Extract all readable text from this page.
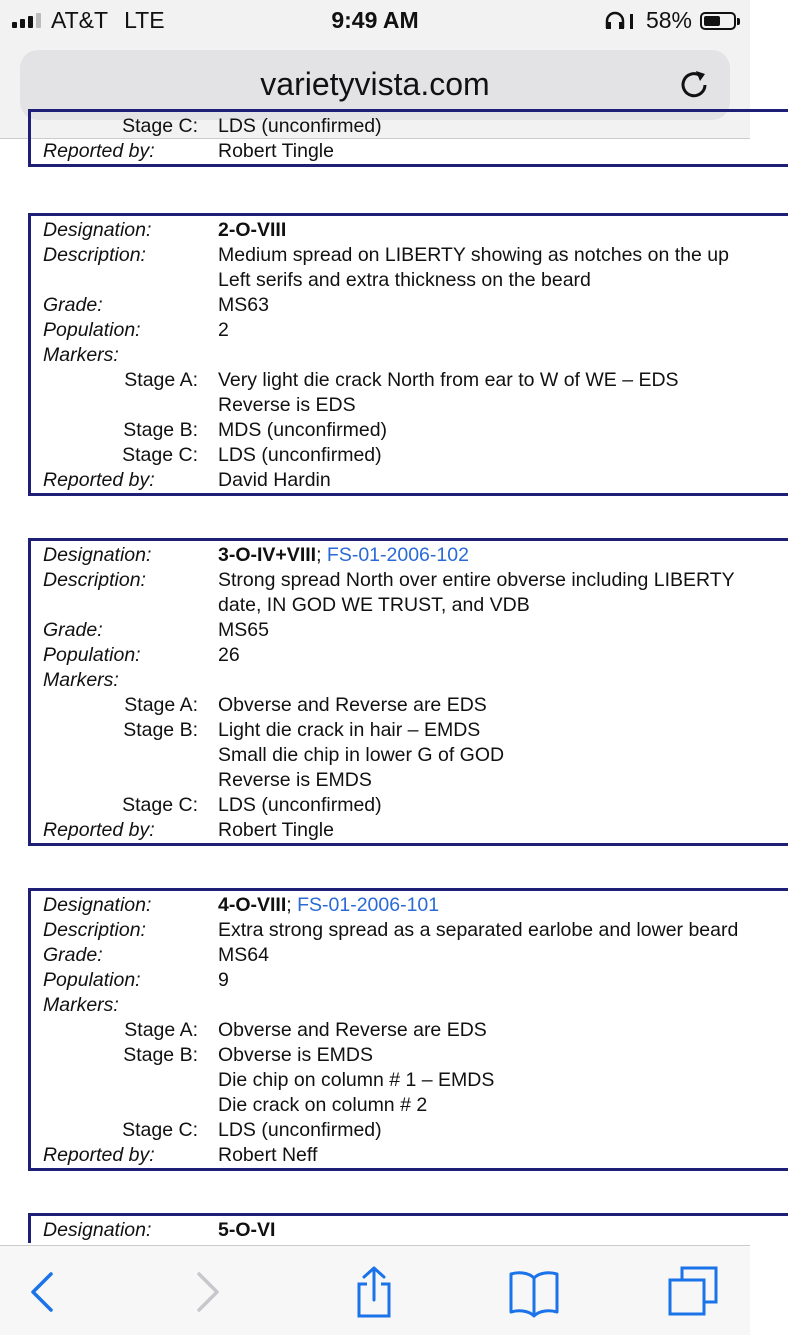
AT&T LTE	9:49 AM	58%
varietyvista.com
Stage C:	LDS (unconfirmed)
Reported by:	Robert Tingle
Designation:	2-O-VIII
Description:	Medium spread on LIBERTY showing as notches on the up
Left serifs and extra thickness on the beard
Grade:	MS63
Population:	2
Markers:
Stage A:	Very light die crack North from ear to W of WE – EDS
Reverse is EDS
Stage B:	MDS (unconfirmed)
Stage C:	LDS (unconfirmed)
Reported by:	David Hardin
Designation:	3-O-IV+VIII; FS-01-2006-102
Description:	Strong spread North over entire obverse including LIBERTY
date, IN GOD WE TRUST, and VDB
Grade:	MS65
Population:	26
Markers:
Stage A:	Obverse and Reverse are EDS
Stage B:	Light die crack in hair – EMDS
Small die chip in lower G of GOD
Reverse is EMDS
Stage C:	LDS (unconfirmed)
Reported by:	Robert Tingle
Designation:	4-O-VIII; FS-01-2006-101
Description:	Extra strong spread as a separated earlobe and lower beard
Grade:	MS64
Population:	9
Markers:
Stage A:	Obverse and Reverse are EDS
Stage B:	Obverse is EMDS
Die chip on column # 1 – EMDS
Die crack on column # 2
Stage C:	LDS (unconfirmed)
Reported by:	Robert Neff
Designation:	5-O-VI
